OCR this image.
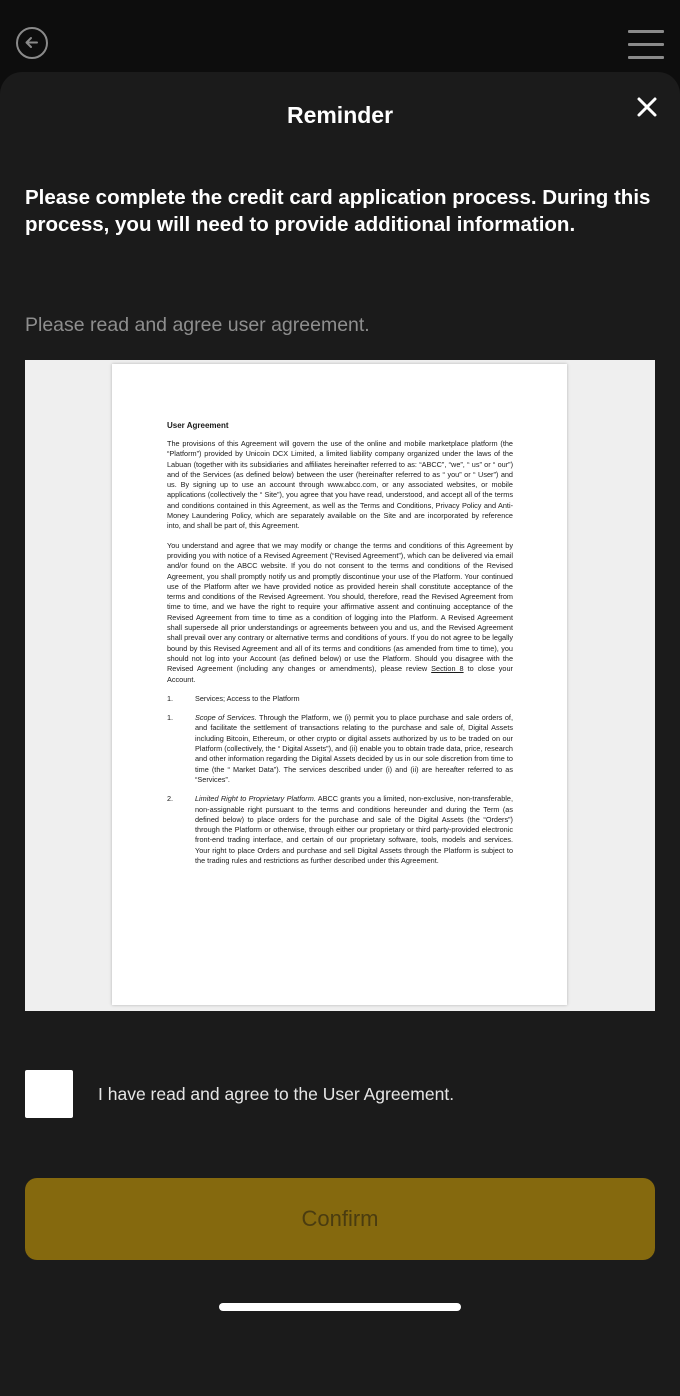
Reminder
Please complete the credit card application process. During this process, you will need to provide additional information.
Please read and agree user agreement.
User Agreement

The provisions of this Agreement will govern the use of the online and mobile marketplace platform (the “Platform”) provided by Unicoin DCX Limited, a limited liability company organized under the laws of the Labuan (together with its subsidiaries and affiliates hereinafter referred to as: “ABCC”, “we”, “ us” or “ our”) and of the Services (as defined below) between the user (hereinafter referred to as “ you” or “ User”) and us. By signing up to use an account through www.abcc.com, or any associated websites, or mobile applications (collectively the “ Site”), you agree that you have read, understood, and accept all of the terms and conditions contained in this Agreement, as well as the Terms and Conditions, Privacy Policy and Anti-Money Laundering Policy, which are separately available on the Site and are incorporated by reference into, and shall be part of, this Agreement.

You understand and agree that we may modify or change the terms and conditions of this Agreement by providing you with notice of a Revised Agreement (“Revised Agreement”), which can be delivered via email and/or found on the ABCC website. If you do not consent to the terms and conditions of the Revised Agreement, you shall promptly notify us and promptly discontinue your use of the Platform. Your continued use of the Platform after we have provided notice as provided herein shall constitute acceptance of the terms and conditions of the Revised Agreement. You should, therefore, read the Revised Agreement from time to time, and we have the right to require your affirmative assent and continuing acceptance of the Revised Agreement from time to time as a condition of logging into the Platform. A Revised Agreement shall supersede all prior understandings or agreements between you and us, and the Revised Agreement shall prevail over any contrary or alternative terms and conditions of yours. If you do not agree to be legally bound by this Revised Agreement and all of its terms and conditions (as amended from time to time), you should not log into your Account (as defined below) or use the Platform. Should you disagree with the Revised Agreement (including any changes or amendments), please review Section 8 to close your Account.

1.	Services; Access to the Platform
1.	Scope of Services. Through the Platform, we (i) permit you to place purchase and sale orders of, and facilitate the settlement of transactions relating to the purchase and sale of, Digital Assets including Bitcoin, Ethereum, or other crypto or digital assets authorized by us to be traded on our Platform (collectively, the “ Digital Assets”), and (ii) enable you to obtain trade data, price, research and other information regarding the Digital Assets decided by us in our sole discretion from time to time (the “ Market Data”). The services described under (i) and (ii) are hereafter referred to as “Services”.
2.	Limited Right to Proprietary Platform. ABCC grants you a limited, non-exclusive, non-transferable, non-assignable right pursuant to the terms and conditions hereunder and during the Term (as defined below) to place orders for the purchase and sale of the Digital Assets (the “Orders”) through the Platform or otherwise, through either our proprietary or third party-provided electronic front-end trading interface, and certain of our proprietary software, tools, models and services. Your right to place Orders and purchase and sell Digital Assets through the Platform is subject to the trading rules and restrictions as further described under this Agreement.
I have read and agree to the User Agreement.
Confirm
